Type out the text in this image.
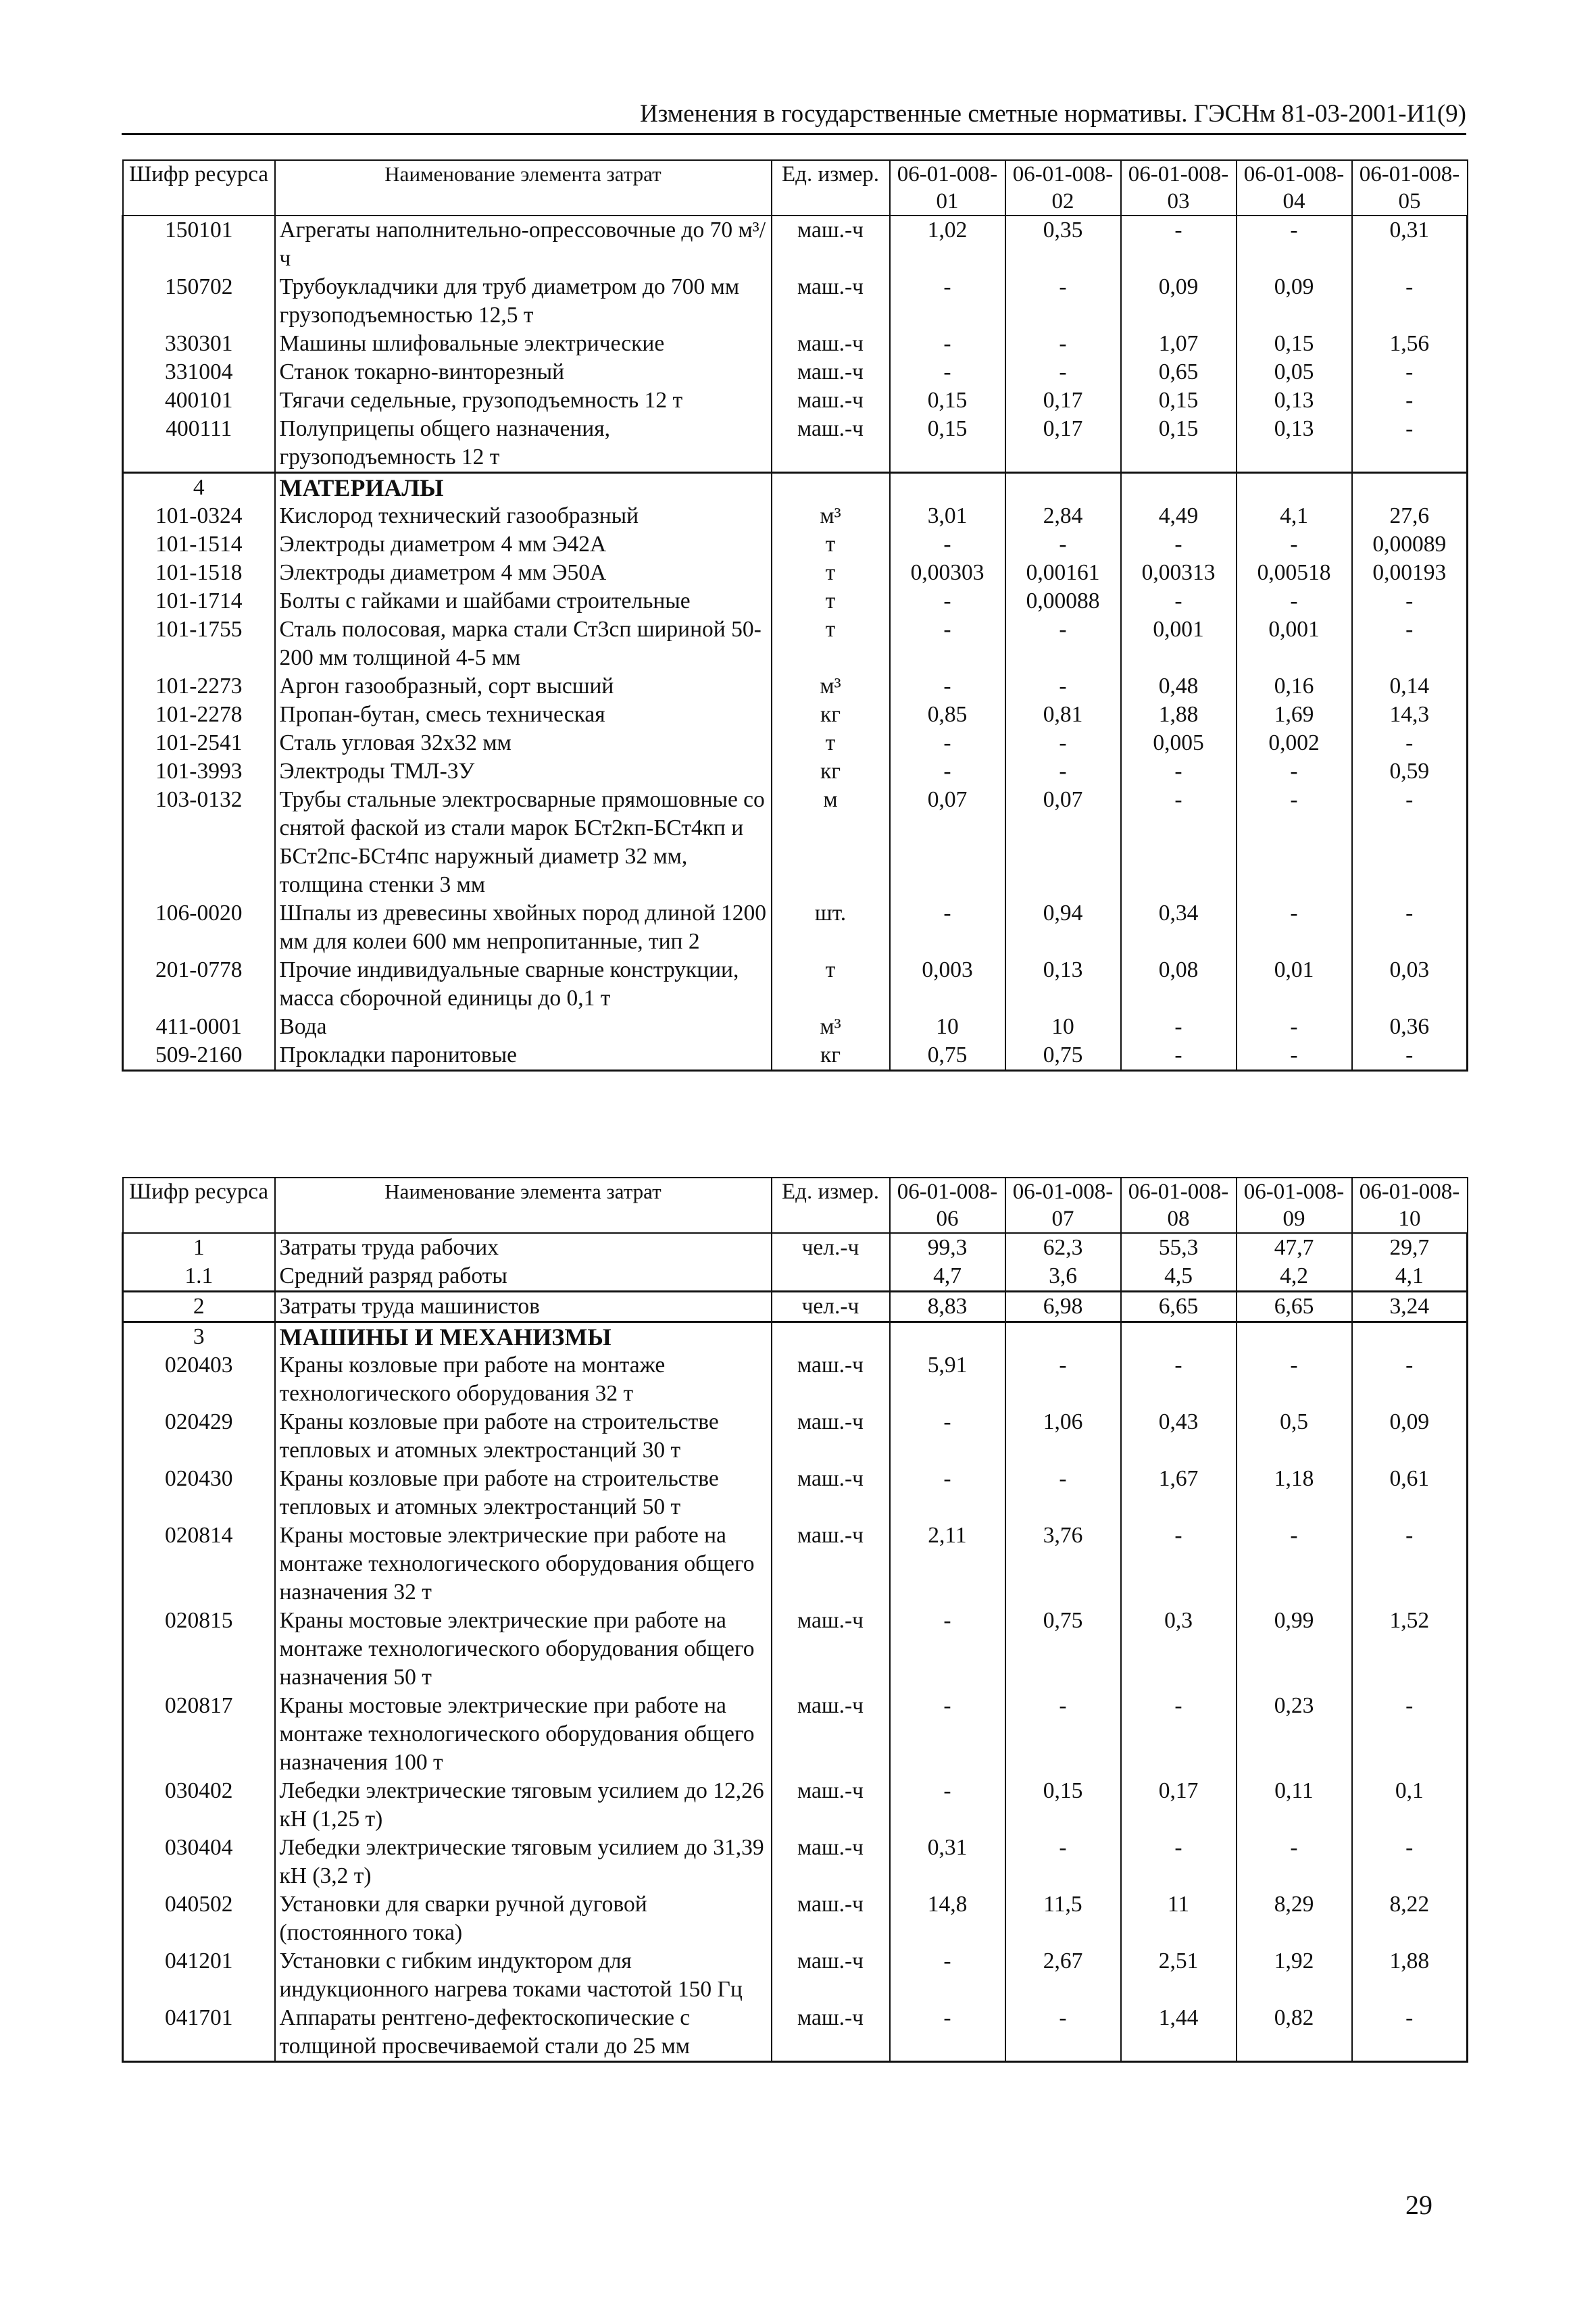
Изменения в государственные сметные нормативы. ГЭСНм 81-03-2001-И1(9)
Шифр ресурса	Наименование элемента затрат	Ед. измер.	06-01-008-01	06-01-008-02	06-01-008-03	06-01-008-04	06-01-008-05
150101	Агрегаты наполнительно-опрессовочные до 70 м³/ч	маш.-ч	1,02	0,35	-	-	0,31
150702	Трубоукладчики для труб диаметром до 700 мм грузоподъемностью 12,5 т	маш.-ч	-	-	0,09	0,09	-
330301	Машины шлифовальные электрические	маш.-ч	-	-	1,07	0,15	1,56
331004	Станок токарно-винторезный	маш.-ч	-	-	0,65	0,05	-
400101	Тягачи седельные, грузоподъемность 12 т	маш.-ч	0,15	0,17	0,15	0,13	-
400111	Полуприцепы общего назначения, грузоподъемность 12 т	маш.-ч	0,15	0,17	0,15	0,13	-
4	МАТЕРИАЛЫ						
101-0324	Кислород технический газообразный	м³	3,01	2,84	4,49	4,1	27,6
101-1514	Электроды диаметром 4 мм Э42А	т	-	-	-	-	0,00089
101-1518	Электроды диаметром 4 мм Э50А	т	0,00303	0,00161	0,00313	0,00518	0,00193
101-1714	Болты с гайками и шайбами строительные	т	-	0,00088	-	-	-
101-1755	Сталь полосовая, марка стали Ст3сп шириной 50-200 мм толщиной 4-5 мм	т	-	-	0,001	0,001	-
101-2273	Аргон газообразный, сорт высший	м³	-	-	0,48	0,16	0,14
101-2278	Пропан-бутан, смесь техническая	кг	0,85	0,81	1,88	1,69	14,3
101-2541	Сталь угловая 32х32 мм	т	-	-	0,005	0,002	-
101-3993	Электроды ТМЛ-3У	кг	-	-	-	-	0,59
103-0132	Трубы стальные электросварные прямошовные со снятой фаской из стали марок БСт2кп-БСт4кп и БСт2пс-БСт4пс наружный диаметр 32 мм, толщина стенки 3 мм	м	0,07	0,07	-	-	-
106-0020	Шпалы из древесины хвойных пород длиной 1200 мм для колеи 600 мм непропитанные, тип 2	шт.	-	0,94	0,34	-	-
201-0778	Прочие индивидуальные сварные конструкции, масса сборочной единицы до 0,1 т	т	0,003	0,13	0,08	0,01	0,03
411-0001	Вода	м³	10	10	-	-	0,36
509-2160	Прокладки паронитовые	кг	0,75	0,75	-	-	-
Шифр ресурса	Наименование элемента затрат	Ед. измер.	06-01-008-06	06-01-008-07	06-01-008-08	06-01-008-09	06-01-008-10
1	Затраты труда рабочих	чел.-ч	99,3	62,3	55,3	47,7	29,7
1.1	Средний разряд работы		4,7	3,6	4,5	4,2	4,1
2	Затраты труда машинистов	чел.-ч	8,83	6,98	6,65	6,65	3,24
3	МАШИНЫ И МЕХАНИЗМЫ						
020403	Краны козловые при работе на монтаже технологического оборудования 32 т	маш.-ч	5,91	-	-	-	-
020429	Краны козловые при работе на строительстве тепловых и атомных электростанций 30 т	маш.-ч	-	1,06	0,43	0,5	0,09
020430	Краны козловые при работе на строительстве тепловых и атомных электростанций 50 т	маш.-ч	-	-	1,67	1,18	0,61
020814	Краны мостовые электрические при работе на монтаже технологического оборудования общего назначения 32 т	маш.-ч	2,11	3,76	-	-	-
020815	Краны мостовые электрические при работе на монтаже технологического оборудования общего назначения 50 т	маш.-ч	-	0,75	0,3	0,99	1,52
020817	Краны мостовые электрические при работе на монтаже технологического оборудования общего назначения 100 т	маш.-ч	-	-	-	0,23	-
030402	Лебедки электрические тяговым усилием до 12,26 кН (1,25 т)	маш.-ч	-	0,15	0,17	0,11	0,1
030404	Лебедки электрические тяговым усилием до 31,39 кН (3,2 т)	маш.-ч	0,31	-	-	-	-
040502	Установки для сварки ручной дуговой (постоянного тока)	маш.-ч	14,8	11,5	11	8,29	8,22
041201	Установки с гибким индуктором для индукционного нагрева токами частотой 150 Гц	маш.-ч	-	2,67	2,51	1,92	1,88
041701	Аппараты рентгено-дефектоскопические с толщиной просвечиваемой стали до 25 мм	маш.-ч	-	-	1,44	0,82	-
29
